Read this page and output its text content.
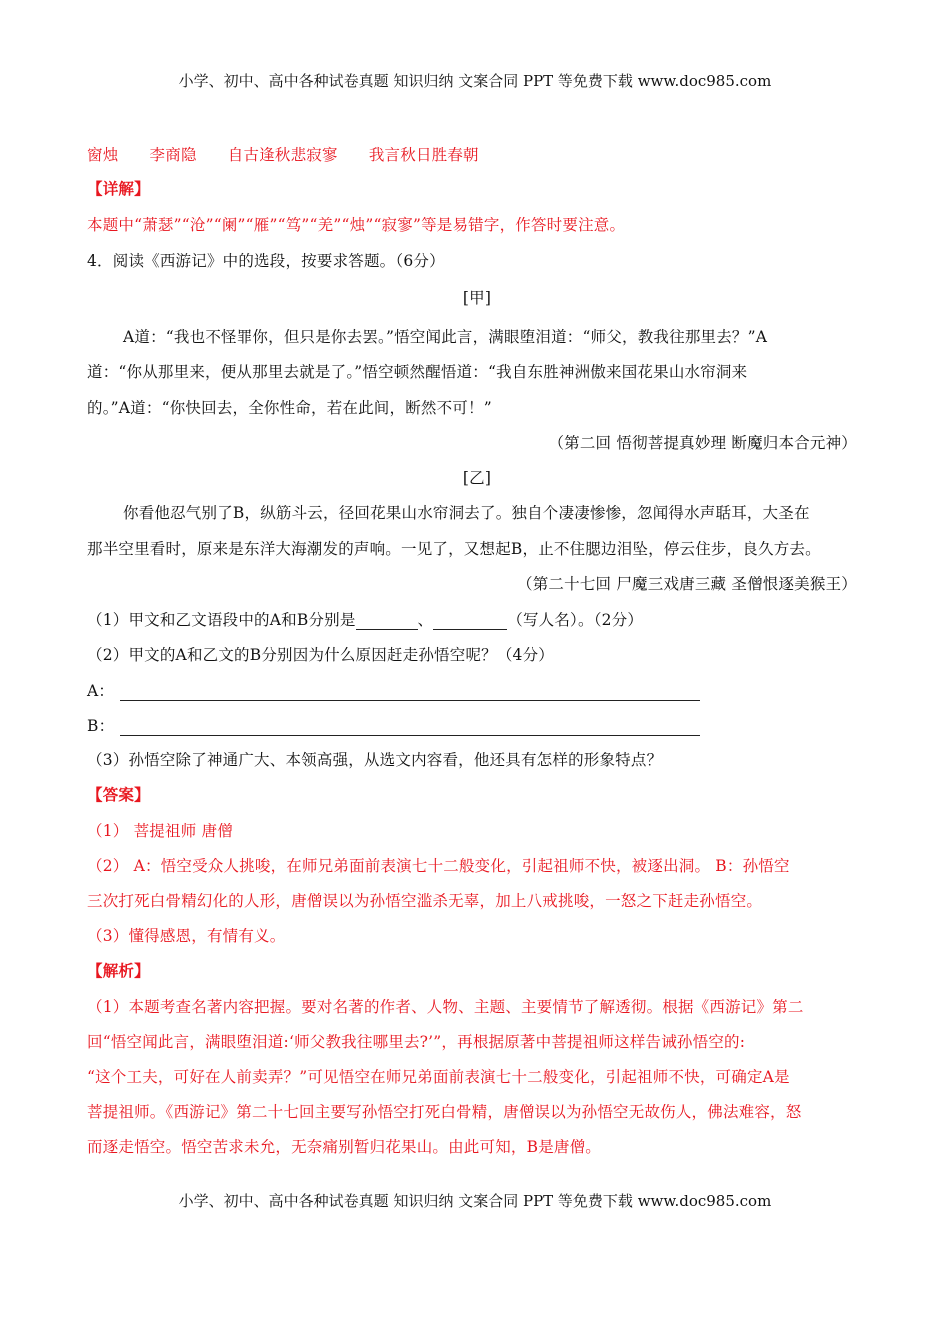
小学、初中、高中各种试卷真题 知识归纳 文案合同 PPT 等免费下载 www.doc985.com
窗烛 李商隐 自古逢秋悲寂寥 我言秋日胜春朝
【详解】
本题中“萧瑟”“沧”“阑”“雁”“笃”“羌”“烛”“寂寥”等是易错字，作答时要注意。
4．阅读《西游记》中的选段，按要求答题。（6分）
[甲]
A道：“我也不怪罪你，但只是你去罢。”悟空闻此言，满眼堕泪道：“师父，教我往那里去？”A
道：“你从那里来，便从那里去就是了。”悟空顿然醒悟道：“我自东胜神洲傲来国花果山水帘洞来
的。”A道：“你快回去，全你性命，若在此间，断然不可！”
（第二回 悟彻菩提真妙理 断魔归本合元神）
[乙]
你看他忍气别了B，纵筋斗云，径回花果山水帘洞去了。独自个凄凄惨惨，忽闻得水声聒耳，大圣在
那半空里看时，原来是东洋大海潮发的声响。一见了，又想起B，止不住腮边泪坠，停云住步，良久方去。
（第二十七回 尸魔三戏唐三藏 圣僧恨逐美猴王）
（1）甲文和乙文语段中的A和B分别是	、	（写人名）。（2分）
（2）甲文的A和乙文的B分别因为什么原因赶走孙悟空呢？（4分）
A：
B：
（3）孙悟空除了神通广大、本领高强，从选文内容看，他还具有怎样的形象特点？
【答案】
（1） 菩提祖师 唐僧
（2） A：悟空受众人挑唆，在师兄弟面前表演七十二般变化，引起祖师不快，被逐出洞。 B：孙悟空
三次打死白骨精幻化的人形，唐僧误以为孙悟空滥杀无辜，加上八戒挑唆，一怒之下赶走孙悟空。
（3）懂得感恩，有情有义。
【解析】
（1）本题考查名著内容把握。要对名著的作者、人物、主题、主要情节了解透彻。根据《西游记》第二
回“悟空闻此言，满眼堕泪道:‘师父教我往哪里去?’”，再根据原著中菩提祖师这样告诫孙悟空的:
“这个工夫，可好在人前卖弄？”可见悟空在师兄弟面前表演七十二般变化，引起祖师不快，可确定A是
菩提祖师。《西游记》第二十七回主要写孙悟空打死白骨精，唐僧误以为孙悟空无故伤人，佛法难容，怒
而逐走悟空。悟空苦求未允，无奈痛别暂归花果山。由此可知，B是唐僧。
小学、初中、高中各种试卷真题 知识归纳 文案合同 PPT 等免费下载 www.doc985.com
